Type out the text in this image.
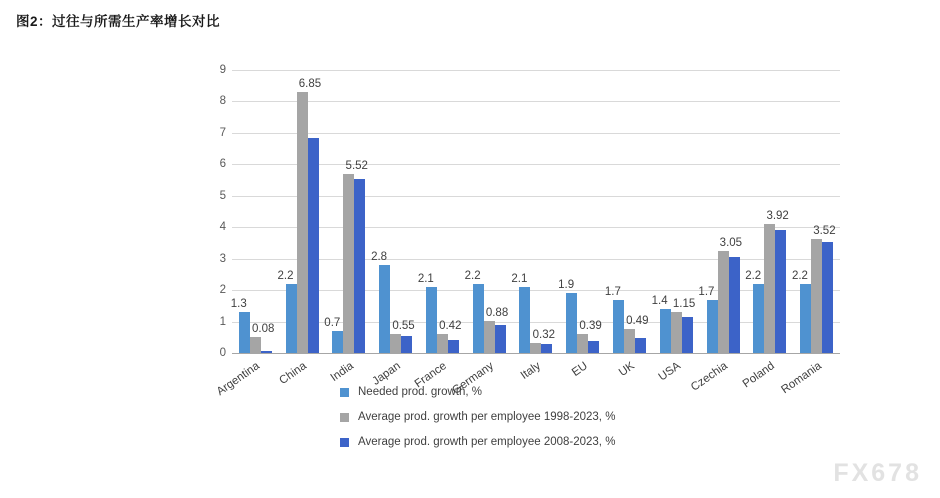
图2：过往与所需生产率增长对比
0
1
2
3
4
5
6
7
8
9
1.3
0.08
Argentina
2.2
6.85
China
0.7
5.52
India
2.8
0.55
Japan
2.1
0.42
France
2.2
0.88
Germany
2.1
0.32
Italy
1.9
0.39
EU
1.7
0.49
UK
1.4 1.15
USA
1.7
3.05
Czechia
2.2
3.92
Poland
2.2
3.52
Romania
Needed prod. growth, %
Average prod. growth per employee 1998-2023, %
Average prod. growth per employee 2008-2023, %
FX678
